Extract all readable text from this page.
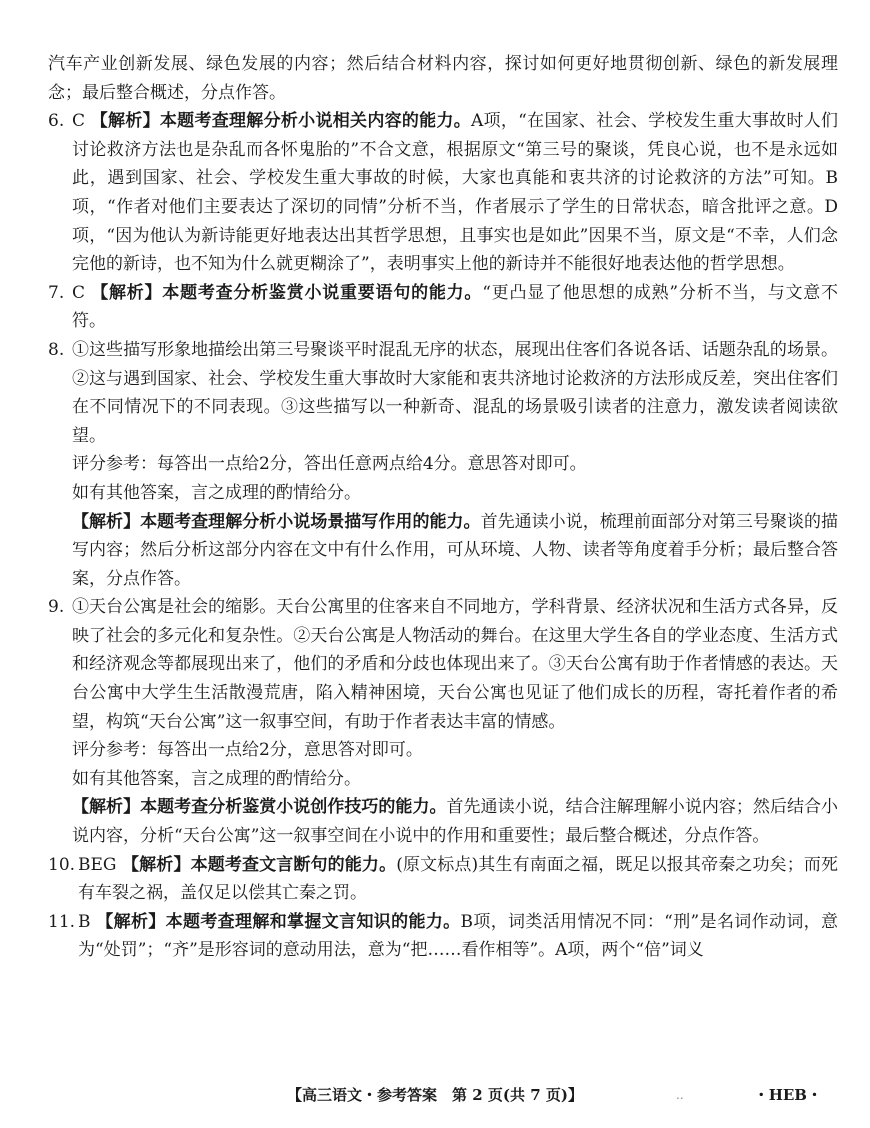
汽车产业创新发展、绿色发展的内容；然后结合材料内容，探讨如何更好地贯彻创新、绿色的新发展理念；最后整合概述，分点作答。

6. C 【解析】本题考查理解分析小说相关内容的能力。A项，“在国家、社会、学校发生重大事故时人们讨论救济方法也是杂乱而各怀鬼胎的”不合文意，根据原文“第三号的聚谈，凭良心说，也不是永远如此，遇到国家、社会、学校发生重大事故的时候，大家也真能和衷共济的讨论救济的方法”可知。B项，“作者对他们主要表达了深切的同情”分析不当，作者展示了学生的日常状态，暗含批评之意。D项，“因为他认为新诗能更好地表达出其哲学思想，且事实也是如此”因果不当，原文是“不幸，人们念完他的新诗，也不知为什么就更糊涂了”，表明事实上他的新诗并不能很好地表达他的哲学思想。
7. C 【解析】本题考查分析鉴赏小说重要语句的能力。“更凸显了他思想的成熟”分析不当，与文意不符。
8. ①这些描写形象地描绘出第三号聚谈平时混乱无序的状态，展现出住客们各说各话、话题杂乱的场景。②这与遇到国家、社会、学校发生重大事故时大家能和衷共济地讨论救济的方法形成反差，突出住客们在不同情况下的不同表现。③这些描写以一种新奇、混乱的场景吸引读者的注意力，激发读者阅读欲望。
评分参考：每答出一点给2分，答出任意两点给4分。意思答对即可。
如有其他答案，言之成理的酌情给分。
【解析】本题考查理解分析小说场景描写作用的能力。首先通读小说，梳理前面部分对第三号聚谈的描写内容；然后分析这部分内容在文中有什么作用，可从环境、人物、读者等角度着手分析；最后整合答案，分点作答。
9. ①天台公寓是社会的缩影。天台公寓里的住客来自不同地方，学科背景、经济状况和生活方式各异，反映了社会的多元化和复杂性。②天台公寓是人物活动的舞台。在这里大学生各自的学业态度、生活方式和经济观念等都展现出来了，他们的矛盾和分歧也体现出来了。③天台公寓有助于作者情感的表达。天台公寓中大学生生活散漫荒唐，陷入精神困境，天台公寓也见证了他们成长的历程，寄托着作者的希望，构筑“天台公寓”这一叙事空间，有助于作者表达丰富的情感。
评分参考：每答出一点给2分，意思答对即可。
如有其他答案，言之成理的酌情给分。
【解析】本题考查分析鉴赏小说创作技巧的能力。首先通读小说，结合注解理解小说内容；然后结合小说内容，分析“天台公寓”这一叙事空间在小说中的作用和重要性；最后整合概述，分点作答。
10. BEG 【解析】本题考查文言断句的能力。(原文标点)其生有南面之福，既足以报其帝秦之功矣；而死有车裂之祸，盖仅足以偿其亡秦之罚。
11. B 【解析】本题考查理解和掌握文言知识的能力。B项，词类活用情况不同：“刑”是名词作动词，意为“处罚”；“齐”是形容词的意动用法，意为“把……看作相等”。A项，两个“倍”词义
【高三语文・参考答案　第 2 页(共 7 页)】	..	・HEB・
